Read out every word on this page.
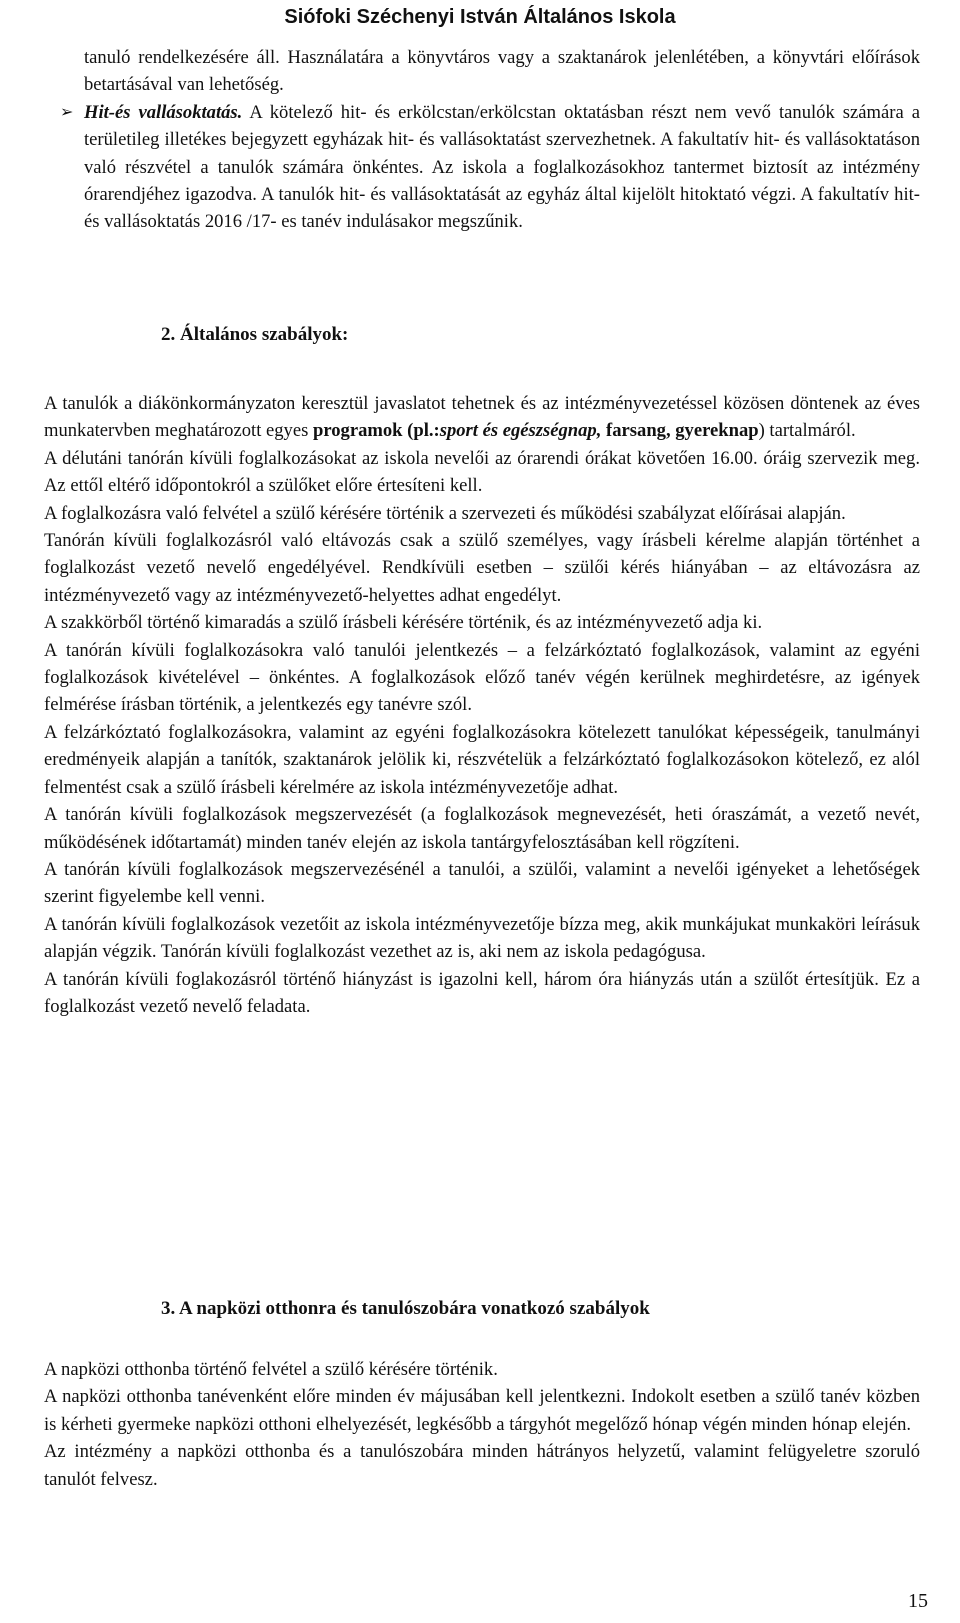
Siófoki Széchenyi István Általános Iskola

tanuló rendelkezésére áll. Használatára a könyvtáros vagy a szaktanárok jelenlétében, a könyvtári előírások betartásával van lehetőség.

➢ Hit-és vallásoktatás. A kötelező hit- és erkölcstan/erkölcstan oktatásban részt nem vevő tanulók számára a területileg illetékes bejegyzett egyházak hit- és vallásoktatást szervezhetnek. A fakultatív hit- és vallásoktatáson való részvétel a tanulók számára önkéntes. Az iskola a foglalkozásokhoz tantermet biztosít az intézmény órarendjéhez igazodva. A tanulók hit- és vallásoktatását az egyház által kijelölt hitoktató végzi. A fakultatív hit- és vallásoktatás 2016 /17- es tanév indulásakor megszűnik.

2. Általános szabályok:

A tanulók a diákönkormányzaton keresztül javaslatot tehetnek és az intézményvezetéssel közösen döntenek az éves munkatervben meghatározott egyes programok (pl.:sport és egészségnap, farsang, gyereknap) tartalmáról.

A délutáni tanórán kívüli foglalkozásokat az iskola nevelői az órarendi órákat követően 16.00. óráig szervezik meg. Az ettől eltérő időpontokról a szülőket előre értesíteni kell.

A foglalkozásra való felvétel a szülő kérésére történik a szervezeti és működési szabályzat előírásai alapján.

Tanórán kívüli foglalkozásról való eltávozás csak a szülő személyes, vagy írásbeli kérelme alapján történhet a foglalkozást vezető nevelő engedélyével. Rendkívüli esetben – szülői kérés hiányában – az eltávozásra az intézményvezető vagy az intézményvezető-helyettes adhat engedélyt.

A szakkörből történő kimaradás a szülő írásbeli kérésére történik, és az intézményvezető adja ki.

A tanórán kívüli foglalkozásokra való tanulói jelentkezés – a felzárkóztató foglalkozások, valamint az egyéni foglalkozások kivételével – önkéntes. A foglalkozások előző tanév végén kerülnek meghirdetésre, az igények felmérése írásban történik, a jelentkezés egy tanévre szól.

A felzárkóztató foglalkozásokra, valamint az egyéni foglalkozásokra kötelezett tanulókat képességeik, tanulmányi eredményeik alapján a tanítók, szaktanárok jelölik ki, részvételük a felzárkóztató foglalkozásokon kötelező, ez alól felmentést csak a szülő írásbeli kérelmére az iskola intézményvezetője adhat.

A tanórán kívüli foglalkozások megszervezését (a foglalkozások megnevezését, heti óraszámát, a vezető nevét, működésének időtartamát) minden tanév elején az iskola tantárgyfelosztásában kell rögzíteni.

A tanórán kívüli foglalkozások megszervezésénél a tanulói, a szülői, valamint a nevelői igényeket a lehetőségek szerint figyelembe kell venni.

A tanórán kívüli foglalkozások vezetőit az iskola intézményvezetője bízza meg, akik munkájukat munkaköri leírásuk alapján végzik. Tanórán kívüli foglalkozást vezethet az is, aki nem az iskola pedagógusa.

A tanórán kívüli foglakozásról történő hiányzást is igazolni kell, három óra hiányzás után a szülőt értesítjük. Ez a foglalkozást vezető nevelő feladata.

3. A napközi otthonra és tanulószobára vonatkozó szabályok

A napközi otthonba történő felvétel a szülő kérésére történik.

A napközi otthonba tanévenként előre minden év májusában kell jelentkezni. Indokolt esetben a szülő tanév közben is kérheti gyermeke napközi otthoni elhelyezését, legkésőbb a tárgyhót megelőző hónap végén minden hónap elején.

Az intézmény a napközi otthonba és a tanulószobára minden hátrányos helyzetű, valamint felügyeletre szoruló tanulót felvesz.

15
